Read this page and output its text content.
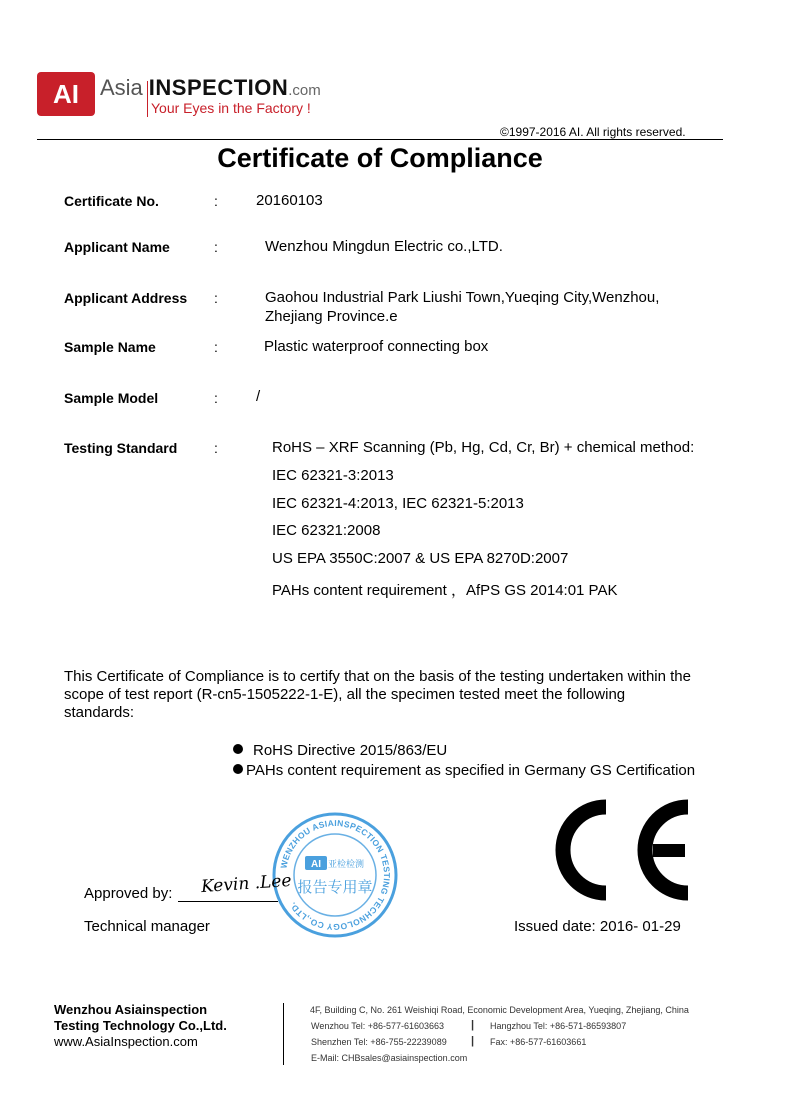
AI Asia INSPECTION.com
Your Eyes in the Factory !
©1997-2016 AI. All rights reserved.
Certificate of Compliance
Certificate No.	:	20160103
Applicant Name	:	Wenzhou Mingdun Electric co.,LTD.
Applicant Address :	Gaohou Industrial Park Liushi Town,Yueqing City,Wenzhou,
Zhejiang Province.e
Sample Name	:	Plastic waterproof connecting box
Sample Model	:	/
Testing Standard	:	RoHS – XRF Scanning (Pb, Hg, Cd, Cr, Br) + chemical method:
IEC 62321-3:2013
IEC 62321-4:2013, IEC 62321-5:2013
IEC 62321:2008
US EPA 3550C:2007 & US EPA 8270D:2007
PAHs content requirement ，AfPS GS 2014:01 PAK
This Certificate of Compliance is to certify that on the basis of the testing undertaken within the
scope of test report (R-cn5-1505222-1-E), all the specimen tested meet the following
standards:
RoHS Directive 2015/863/EU
PAHs content requirement as specified in Germany GS Certification
WENZHOU ASIAINSPECTION TESTING TECHNOLOGY CO.,LTD.
AI 亚检检测
报告专用章
Approved by: Kevin .Lee
Technical manager	Issued date: 2016- 01-29
Wenzhou Asiainspection
Testing Technology Co.,Ltd.
www.AsiaInspection.com
4F, Building C, No. 261 Weishiqi Road, Economic Development Area, Yueqing, Zhejiang, China
Wenzhou Tel: +86-577-61603663 | Hangzhou Tel: +86-571-86593807
Shenzhen Tel: +86-755-22239089 | Fax: +86-577-61603661
E-Mail: CHBsales@asiainspection.com
